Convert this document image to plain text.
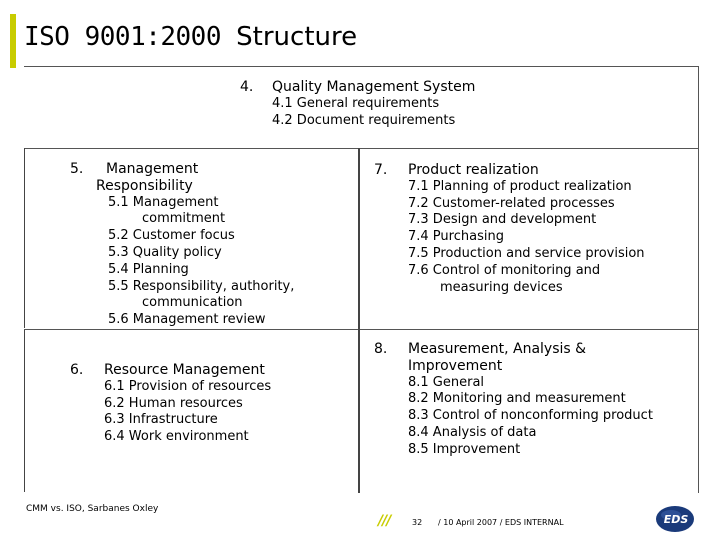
ISO 9001:2000 Structure
4. Quality Management System
4.1 General requirements
4.2 Document requirements
5. Management
Responsibility
5.1 Management
commitment
5.2 Customer focus
5.3 Quality policy
5.4 Planning
5.5 Responsibility, authority,
communication
5.6 Management review
6. Resource Management
6.1 Provision of resources
6.2 Human resources
6.3 Infrastructure
6.4 Work environment
7. Product realization
7.1 Planning of product realization
7.2 Customer-related processes
7.3 Design and development
7.4 Purchasing
7.5 Production and service provision
7.6 Control of monitoring and
measuring devices
8. Measurement, Analysis &
Improvement
8.1 General
8.2 Monitoring and measurement
8.3 Control of nonconforming product
8.4 Analysis of data
8.5 Improvement
CMM vs. ISO, Sarbanes Oxley
///	32 / 10 April 2007 / EDS INTERNAL	EDS
